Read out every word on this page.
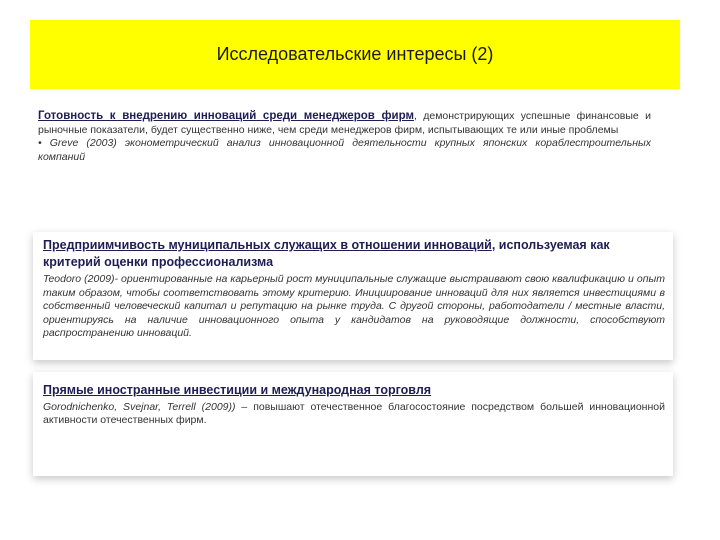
Исследовательские интересы (2)

Готовность к внедрению инноваций среди менеджеров фирм, демонстрирующих успешные финансовые и рыночные показатели, будет существенно ниже, чем среди менеджеров фирм, испытывающих те или иные проблемы

• Greve (2003) эконометрический анализ инновационной деятельности крупных японских кораблестроительных компаний

Предприимчивость муниципальных служащих в отношении инноваций, используемая как критерий оценки профессионализма

Teodoro (2009)- ориентированные на карьерный рост муниципальные служащие выстраивают свою квалификацию и опыт таким образом, чтобы соответствовать этому критерию. Инициирование инноваций для них является инвестициями в собственный человеческий капитал и репутацию на рынке труда. С другой стороны, работодатели / местные власти, ориентируясь на наличие инновационного опыта у кандидатов на руководящие должности, способствуют распространению инноваций.

Прямые иностранные инвестиции и международная торговля

Gorodnichenko, Svejnar, Terrell (2009)) – повышают отечественное благосостояние посредством большей инновационной активности отечественных фирм.
